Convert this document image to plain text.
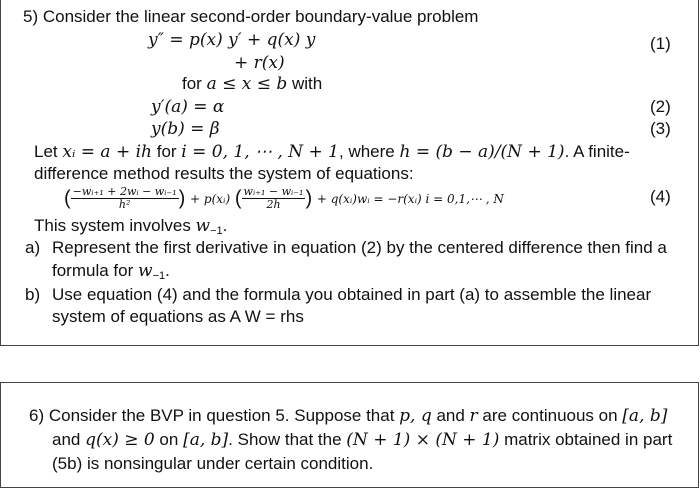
5) Consider the linear second-order boundary-value problem
y″ = p(x) y′ + q(x) y
+ r(x)
(1)
for a ≤ x ≤ b with
y′(a) = α	(2)
y(b) = β	(3)
Let xᵢ = a + ih for i = 0, 1, ⋯ , N + 1, where h = (b − a)/(N + 1). A finite-
difference method results the system of equations:
( $\frac{\text{−wᵢ₊₁ + 2wᵢ − wᵢ₋₁}}{\text{h²}}$ ) + p(xᵢ) ( $\frac{\text{wᵢ₊₁ − wᵢ₋₁}}{2h}$ ) + q(xᵢ)wᵢ = −r(xᵢ) i = 0,1,⋯ , N	(4)
This system involves $w_{-1}$.
a) Represent the first derivative in equation (2) by the centered difference then find a
formula for $w_{-1}$.
b) Use equation (4) and the formula you obtained in part (a) to assemble the linear
system of equations as A W = rhs
6) Consider the BVP in question 5. Suppose that p, q and r are continuous on [a, b]
and q(x) ≥ 0 on [a, b]. Show that the (N + 1) × (N + 1) matrix obtained in part
(5b) is nonsingular under certain condition.
